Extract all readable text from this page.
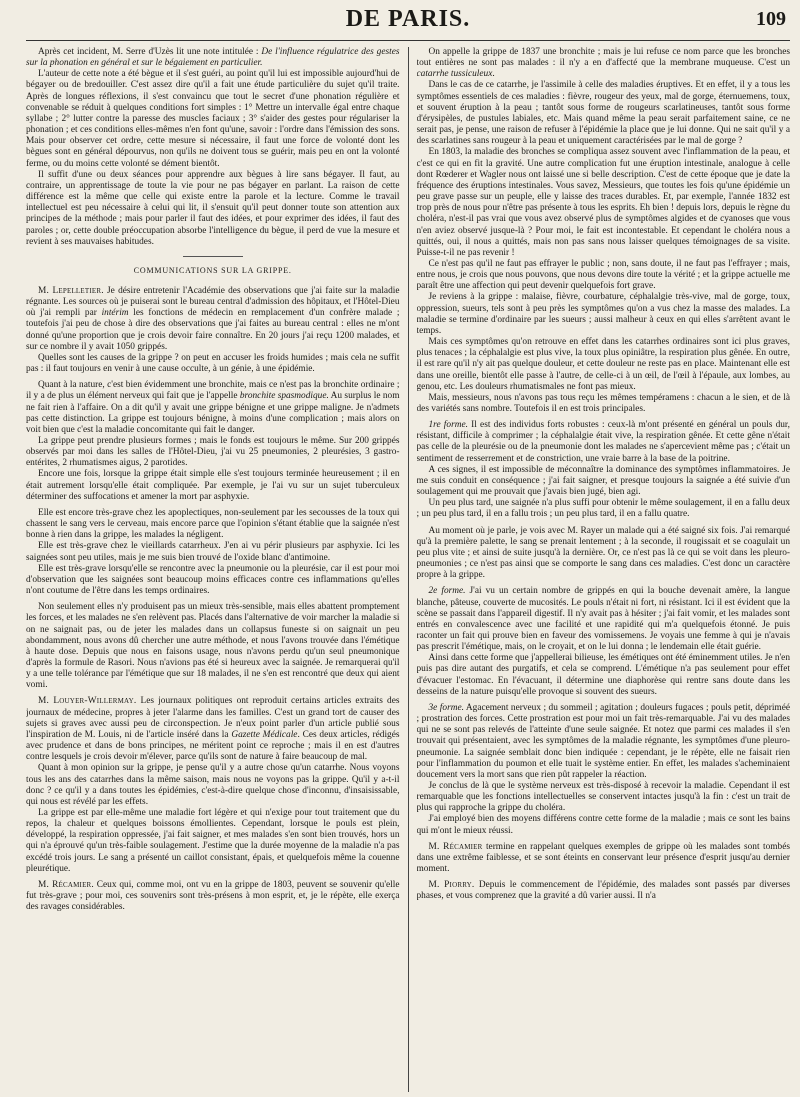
DE PARIS.	109

Après cet incident, M. Serre d'Uzès lit une note intitulée : De l'influence régulatrice des gestes sur la phonation en général et sur le bégaiement en particulier.

L'auteur de cette note a été bègue et il s'est guéri, au point qu'il lui est impossible aujourd'hui de bégayer ou de bredouiller. C'est assez dire qu'il a fait une étude particulière du sujet qu'il traite. Après de longues réflexions, il s'est convaincu que tout le secret d'une phonation régulière et convenable se réduit à quelques conditions fort simples : 1° Mettre un intervalle égal entre chaque syllabe ; 2° lutter contre la paresse des muscles faciaux ; 3° s'aider des gestes pour régulariser la phonation ; et ces conditions elles-mêmes n'en font qu'une, savoir : l'ordre dans l'émission des sons. Mais pour observer cet ordre, cette mesure si nécessaire, il faut une force de volonté dont les bègues sont en général dépourvus, non qu'ils ne doivent tous se guérir, mais peu en ont la volonté ferme, ou du moins cette volonté se dément bientôt.

Il suffit d'une ou deux séances pour apprendre aux bègues à lire sans bégayer. Il faut, au contraire, un apprentissage de toute la vie pour ne pas bégayer en parlant. La raison de cette différence est la même que celle qui existe entre la parole et la lecture. Comme le travail intellectuel est peu nécessaire à celui qui lit, il s'ensuit qu'il peut donner toute son attention aux principes de la méthode ; mais pour parler il faut des idées, et pour exprimer des idées, il faut des paroles ; or, cette double préoccupation absorbe l'intelligence du bègue, il perd de vue la mesure et revient à ses mauvaises habitudes.

COMMUNICATIONS SUR LA GRIPPE.

M. Lepelletier. Je désire entretenir l'Académie des observations que j'ai faite sur la maladie régnante. Les sources où je puiserai sont le bureau central d'admission des hôpitaux, et l'Hôtel-Dieu où j'ai rempli par intérim les fonctions de médecin en remplacement d'un confrère malade ; toutefois j'ai peu de chose à dire des observations que j'ai faites au bureau central : elles ne m'ont donné qu'une proportion que je crois devoir faire connaître. En 20 jours j'ai reçu 1200 malades, et sur ce nombre il y avait 1050 grippés.

Quelles sont les causes de la grippe ? on peut en accuser les froids humides ; mais cela ne suffit pas : il faut toujours en venir à une cause occulte, à un génie, à une épidémie.

Quant à la nature, c'est bien évidemment une bronchite, mais ce n'est pas la bronchite ordinaire ; il y a de plus un élément nerveux qui fait que je l'appelle bronchite spasmodique. Au surplus le nom ne fait rien à l'affaire. On a dit qu'il y avait une grippe bénigne et une grippe maligne. Je n'admets pas cette distinction. La grippe est toujours bénigne, à moins d'une complication ; mais alors on voit bien que c'est la maladie concomitante qui fait le danger.

La grippe peut prendre plusieurs formes ; mais le fonds est toujours le même. Sur 200 grippés observés par moi dans les salles de l'Hôtel-Dieu, j'ai vu 25 pneumonies, 2 pleurésies, 3 gastro-entérites, 2 rhumatismes aigus, 2 parotides.

Encore une fois, lorsque la grippe était simple elle s'est toujours terminée heureusement ; il en était autrement lorsqu'elle était compliquée. Par exemple, je l'ai vu sur un sujet tuberculeux déterminer des suffocations et amener la mort par asphyxie.

Elle est encore très-grave chez les apoplectiques, non-seulement par les secousses de la toux qui chassent le sang vers le cerveau, mais encore parce que l'opinion s'étant établie que la saignée n'est bonne à rien dans la grippe, les malades la négligent.

Elle est très-grave chez le vieillards catarrheux. J'en ai vu périr plusieurs par asphyxie. Ici les saignées sont peu utiles, mais je me suis bien trouvé de l'oxide blanc d'antimoine.

Elle est très-grave lorsqu'elle se rencontre avec la pneumonie ou la pleurésie, car il est pour moi d'observation que les saignées sont beaucoup moins efficaces contre ces inflammations qu'elles n'ont coutume de l'être dans les temps ordinaires.

Non seulement elles n'y produisent pas un mieux très-sensible, mais elles abattent promptement les forces, et les malades ne s'en relèvent pas. Placés dans l'alternative de voir marcher la maladie si on ne saignait pas, ou de jeter les malades dans un collapsus funeste si on saignait un peu abondamment, nous avons dû chercher une autre méthode, et nous l'avons trouvée dans l'émétique à haute dose. Depuis que nous en faisons usage, nous n'avons perdu qu'un seul pneumonique d'après la formule de Rasori. Nous n'avions pas été si heureux avec la saignée. Je remarquerai qu'il y a une telle tolérance par l'émétique que sur 18 malades, il ne s'en est rencontré que deux qui aient vomi.

M. Louyer-Willermay. Les journaux politiques ont reproduit certains articles extraits des journaux de médecine, propres à jeter l'alarme dans les familles. C'est un grand tort de causer des sujets si graves avec aussi peu de circonspection. Je n'eux point parler d'un article publié sous l'inspiration de M. Louis, ni de l'article inséré dans la Gazette Médicale. Ces deux articles, rédigés avec prudence et dans de bons principes, ne méritent point ce reproche ; mais il en est d'autres contre lesquels je crois devoir m'élever, parce qu'ils sont de nature à faire beaucoup de mal.

Quant à mon opinion sur la grippe, je pense qu'il y a autre chose qu'un catarrhe. Nous voyons tous les ans des catarrhes dans la même saison, mais nous ne voyons pas la grippe. Qu'il y a-t-il donc ? ce qu'il y a dans toutes les épidémies, c'est-à-dire quelque chose d'inconnu, d'insaisissable, qui nous est révélé par les effets.

La grippe est par elle-même une maladie fort légère et qui n'exige pour tout traitement que du repos, la chaleur et quelques boissons émollientes. Cependant, lorsque le pouls est plein, développé, la respiration oppressée, j'ai fait saigner, et mes malades s'en sont bien trouvés, hors un qui n'a éprouvé qu'un très-faible soulagement. J'estime que la durée moyenne de la maladie n'a pas excédé trois jours. Le sang a présenté un caillot consistant, épais, et quelquefois même la couenne pleurétique.

M. Récamier. Ceux qui, comme moi, ont vu en la grippe de 1803, peuvent se souvenir qu'elle fut très-grave ; pour moi, ces souvenirs sont très-présens à mon esprit, et, je le répète, elle exerça des ravages considérables.

On appelle la grippe de 1837 une bronchite ; mais je lui refuse ce nom parce que les bronches tout entières ne sont pas malades : il n'y a en d'affecté que la membrane muqueuse. C'est un catarrhe tussiculeux.

Dans le cas de ce catarrhe, je l'assimile à celle des maladies éruptives. Et en effet, il y a tous les symptômes essentiels de ces maladies : fièvre, rougeur des yeux, mal de gorge, éternuemens, toux, et souvent éruption à la peau ; tantôt sous forme de rougeurs scarlatineuses, tantôt sous forme d'érysipèles, de pustules labiales, etc. Mais quand même la peau serait parfaitement saine, ce ne serait pas, je pense, une raison de refuser à l'épidémie la place que je lui donne. Qui ne sait qu'il y a des scarlatines sans rougeur à la peau et uniquement caractérisées par le mal de gorge ?

En 1803, la maladie des bronches se compliqua assez souvent avec l'inflammation de la peau, et c'est ce qui en fit la gravité. Une autre complication fut une éruption intestinale, analogue à celle dont Rœderer et Wagler nous ont laissé une si belle description. C'est de cette époque que je date la fréquence des éruptions intestinales. Vous savez, Messieurs, que toutes les fois qu'une épidémie un peu grave passe sur un peuple, elle y laisse des traces durables. Et, par exemple, l'année 1832 est trop près de nous pour n'être pas présente à tous les esprits. Eh bien ! depuis lors, depuis le règne du choléra, n'est-il pas vrai que vous avez observé plus de symptômes algides et de cyanoses que vous n'en aviez observé jusque-là ? Pour moi, le fait est incontestable. Et cependant le choléra nous a quittés, oui, il nous a quittés, mais non pas sans nous laisser quelques témoignages de sa visite. Puisse-t-il ne pas revenir !

Ce n'est pas qu'il ne faut pas effrayer le public ; non, sans doute, il ne faut pas l'effrayer ; mais, entre nous, je crois que nous pouvons, que nous devons dire toute la vérité ; et la grippe actuelle me paraît être une affection qui peut devenir quelquefois fort grave.

Je reviens à la grippe : malaise, fièvre, courbature, céphalalgie très-vive, mal de gorge, toux, oppression, sueurs, tels sont à peu près les symptômes qu'on a vus chez la masse des malades. La maladie se termine d'ordinaire par les sueurs ; aussi malheur à ceux en qui elles s'arrêtent avant le temps.

Mais ces symptômes qu'on retrouve en effet dans les catarrhes ordinaires sont ici plus graves, plus tenaces ; la céphalalgie est plus vive, la toux plus opiniâtre, la respiration plus gênée. En outre, il est rare qu'il n'y ait pas quelque douleur, et cette douleur ne reste pas en place. Maintenant elle est dans une oreille, bientôt elle passe à l'autre, de celle-ci à un œil, de l'œil à l'épaule, aux lombes, au genou, etc. Les douleurs rhumatismales ne font pas mieux.

Mais, messieurs, nous n'avons pas tous reçu les mêmes tempéramens : chacun a le sien, et de là des variétés sans nombre. Toutefois il en est trois principales.

1re forme. Il est des individus forts robustes : ceux-là m'ont présenté en général un pouls dur, résistant, difficile à comprimer ; la céphalalgie était vive, la respiration gênée. Et cette gêne n'était pas celle de la pleurésie ou de la pneumonie dont les malades ne s'apercevient même pas ; c'était un sentiment de resserrement et de constriction, une vraie barre à la base de la poitrine.

A ces signes, il est impossible de méconnaître la dominance des symptômes inflammatoires. Je me suis conduit en conséquence ; j'ai fait saigner, et presque toujours la saignée a été suivie d'un soulagement qui me prouvait que j'avais bien jugé, bien agi.

Un peu plus tard, une saignée n'a plus suffi pour obtenir le même soulagement, il en a fallu deux ; un peu plus tard, il en a fallu trois ; un peu plus tard, il en a fallu quatre.

Au moment où je parle, je vois avec M. Rayer un malade qui a été saigné six fois. J'ai remarqué qu'à la première palette, le sang se prenait lentement ; à la seconde, il rougissait et se coagulait un peu plus vite ; et ainsi de suite jusqu'à la dernière. Or, ce n'est pas là ce qui se voit dans les pleuro-pneumonies ; ce n'est pas ainsi que se comporte le sang dans ces maladies. C'est donc un caractère propre à la grippe.

2e forme. J'ai vu un certain nombre de grippés en qui la bouche devenait amère, la langue blanche, pâteuse, couverte de mucosités. Le pouls n'était ni fort, ni résistant. Ici il est évident que la scène se passait dans l'appareil digestif. Il n'y avait pas à hésiter ; j'ai fait vomir, et les malades sont entrés en convalescence avec une facilité et une rapidité qui m'a quelquefois étonné. Je puis raconter un fait qui prouve bien en faveur des vomissemens. Je voyais une femme à qui je n'avais pas prescrit l'émétique, mais, on le croyait, et on le lui donna ; le lendemain elle était guérie.

Ainsi dans cette forme que j'appellerai bilieuse, les émétiques ont été éminemment utiles. Je n'en puis pas dire autant des purgatifs, et cela se comprend. L'émétique n'a pas seulement pour effet d'évacuer l'estomac. En l'évacuant, il détermine une diaphorèse qui rentre sans doute dans les desseins de la nature puisqu'elle provoque si souvent des sueurs.

3e forme. Agacement nerveux ; du sommeil ; agitation ; douleurs fugaces ; pouls petit, dépriméé ; prostration des forces. Cette prostration est pour moi un fait très-remarquable. J'ai vu des malades qui ne se sont pas relevés de l'atteinte d'une seule saignée. Et notez que parmi ces malades il s'en trouvait qui présentaient, avec les symptômes de la maladie régnante, les symptômes d'une pleuro-pneumonie. La saignée semblait donc bien indiquée : cependant, je le répète, elle ne faisait rien pour l'inflammation du poumon et elle tuait le système entier. En effet, les malades s'acheminaient doucement vers la mort sans que rien pût rappeler la réaction.

Je conclus de là que le système nerveux est très-disposé à recevoir la maladie. Cependant il est remarquable que les fonctions intellectuelles se conservent intactes jusqu'à la fin : c'est un trait de plus qui rapproche la grippe du choléra.

J'ai employé bien des moyens différens contre cette forme de la maladie ; mais ce sont les bains qui m'ont le mieux réussi.

M. Récamier termine en rappelant quelques exemples de grippe où les malades sont tombés dans une extrême faiblesse, et se sont éteints en conservant leur présence d'esprit jusqu'au dernier moment.

M. Piorry. Depuis le commencement de l'épidémie, des malades sont passés par diverses phases, et vous comprenez que la gravité a dû varier aussi. Il n'a
